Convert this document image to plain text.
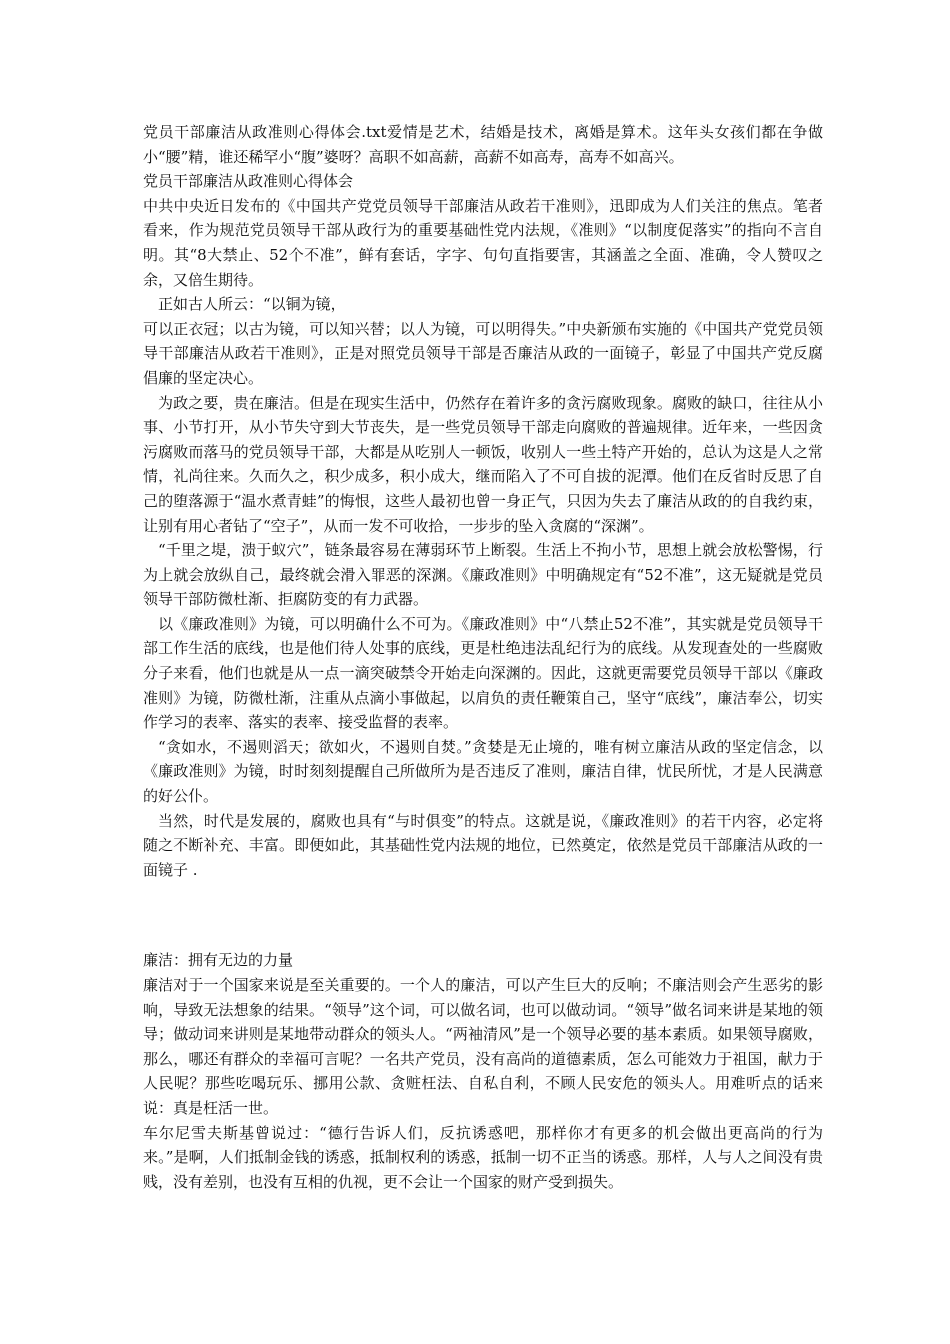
党员干部廉洁从政准则心得体会.txt爱情是艺术，结婚是技术，离婚是算术。这年头女孩们都在争做小“腰”精，谁还稀罕小“腹”婆呀？高职不如高薪，高薪不如高寿，高寿不如高兴。

党员干部廉洁从政准则心得体会

中共中央近日发布的《中国共产党党员领导干部廉洁从政若干准则》，迅即成为人们关注的焦点。笔者看来，作为规范党员领导干部从政行为的重要基础性党内法规，《准则》“以制度促落实”的指向不言自明。其“8大禁止、52个不准”，鲜有套话，字字、句句直指要害，其涵盖之全面、准确，令人赞叹之余，又倍生期待。

正如古人所云：“以铜为镜，

可以正衣冠；以古为镜，可以知兴替；以人为镜，可以明得失。”中央新颁布实施的《中国共产党党员领导干部廉洁从政若干准则》，正是对照党员领导干部是否廉洁从政的一面镜子，彰显了中国共产党反腐倡廉的坚定决心。

为政之要，贵在廉洁。但是在现实生活中，仍然存在着许多的贪污腐败现象。腐败的缺口，往往从小事、小节打开，从小节失守到大节丧失，是一些党员领导干部走向腐败的普遍规律。近年来，一些因贪污腐败而落马的党员领导干部，大都是从吃别人一顿饭，收别人一些土特产开始的，总认为这是人之常情，礼尚往来。久而久之，积少成多，积小成大，继而陷入了不可自拔的泥潭。他们在反省时反思了自己的堕落源于“温水煮青蛙”的悔恨，这些人最初也曾一身正气，只因为失去了廉洁从政的的自我约束，让别有用心者钻了“空子”，从而一发不可收拾，一步步的坠入贪腐的“深渊”。

“千里之堤，溃于蚁穴”，链条最容易在薄弱环节上断裂。生活上不拘小节，思想上就会放松警惕，行为上就会放纵自己，最终就会滑入罪恶的深渊。《廉政准则》中明确规定有“52不准”，这无疑就是党员领导干部防微杜渐、拒腐防变的有力武器。

以《廉政准则》为镜，可以明确什么不可为。《廉政准则》中“八禁止52不准”，其实就是党员领导干部工作生活的底线，也是他们待人处事的底线，更是杜绝违法乱纪行为的底线。从发现查处的一些腐败分子来看，他们也就是从一点一滴突破禁令开始走向深渊的。因此，这就更需要党员领导干部以《廉政准则》为镜，防微杜渐，注重从点滴小事做起，以肩负的责任鞭策自己，坚守“底线”，廉洁奉公，切实作学习的表率、落实的表率、接受监督的表率。

“贪如水，不遏则滔天；欲如火，不遏则自焚。”贪婪是无止境的，唯有树立廉洁从政的坚定信念，以《廉政准则》为镜，时时刻刻提醒自己所做所为是否违反了准则，廉洁自律，忧民所忧，才是人民满意的好公仆。

当然，时代是发展的，腐败也具有“与时俱变”的特点。这就是说，《廉政准则》的若干内容，必定将随之不断补充、丰富。即便如此，其基础性党内法规的地位，已然奠定，依然是党员干部廉洁从政的一面镜子 .

廉洁：拥有无边的力量

廉洁对于一个国家来说是至关重要的。一个人的廉洁，可以产生巨大的反响；不廉洁则会产生恶劣的影响，导致无法想象的结果。“领导”这个词，可以做名词，也可以做动词。“领导”做名词来讲是某地的领导；做动词来讲则是某地带动群众的领头人。“两袖清风”是一个领导必要的基本素质。如果领导腐败，那么，哪还有群众的幸福可言呢？一名共产党员，没有高尚的道德素质，怎么可能效力于祖国，献力于人民呢？那些吃喝玩乐、挪用公款、贪赃枉法、自私自利，不顾人民安危的领头人。用难听点的话来说：真是枉活一世。

车尔尼雪夫斯基曾说过：“德行告诉人们，反抗诱惑吧，那样你才有更多的机会做出更高尚的行为来。”是啊，人们抵制金钱的诱惑，抵制权利的诱惑，抵制一切不正当的诱惑。那样，人与人之间没有贵贱，没有差别，也没有互相的仇视，更不会让一个国家的财产受到损失。
